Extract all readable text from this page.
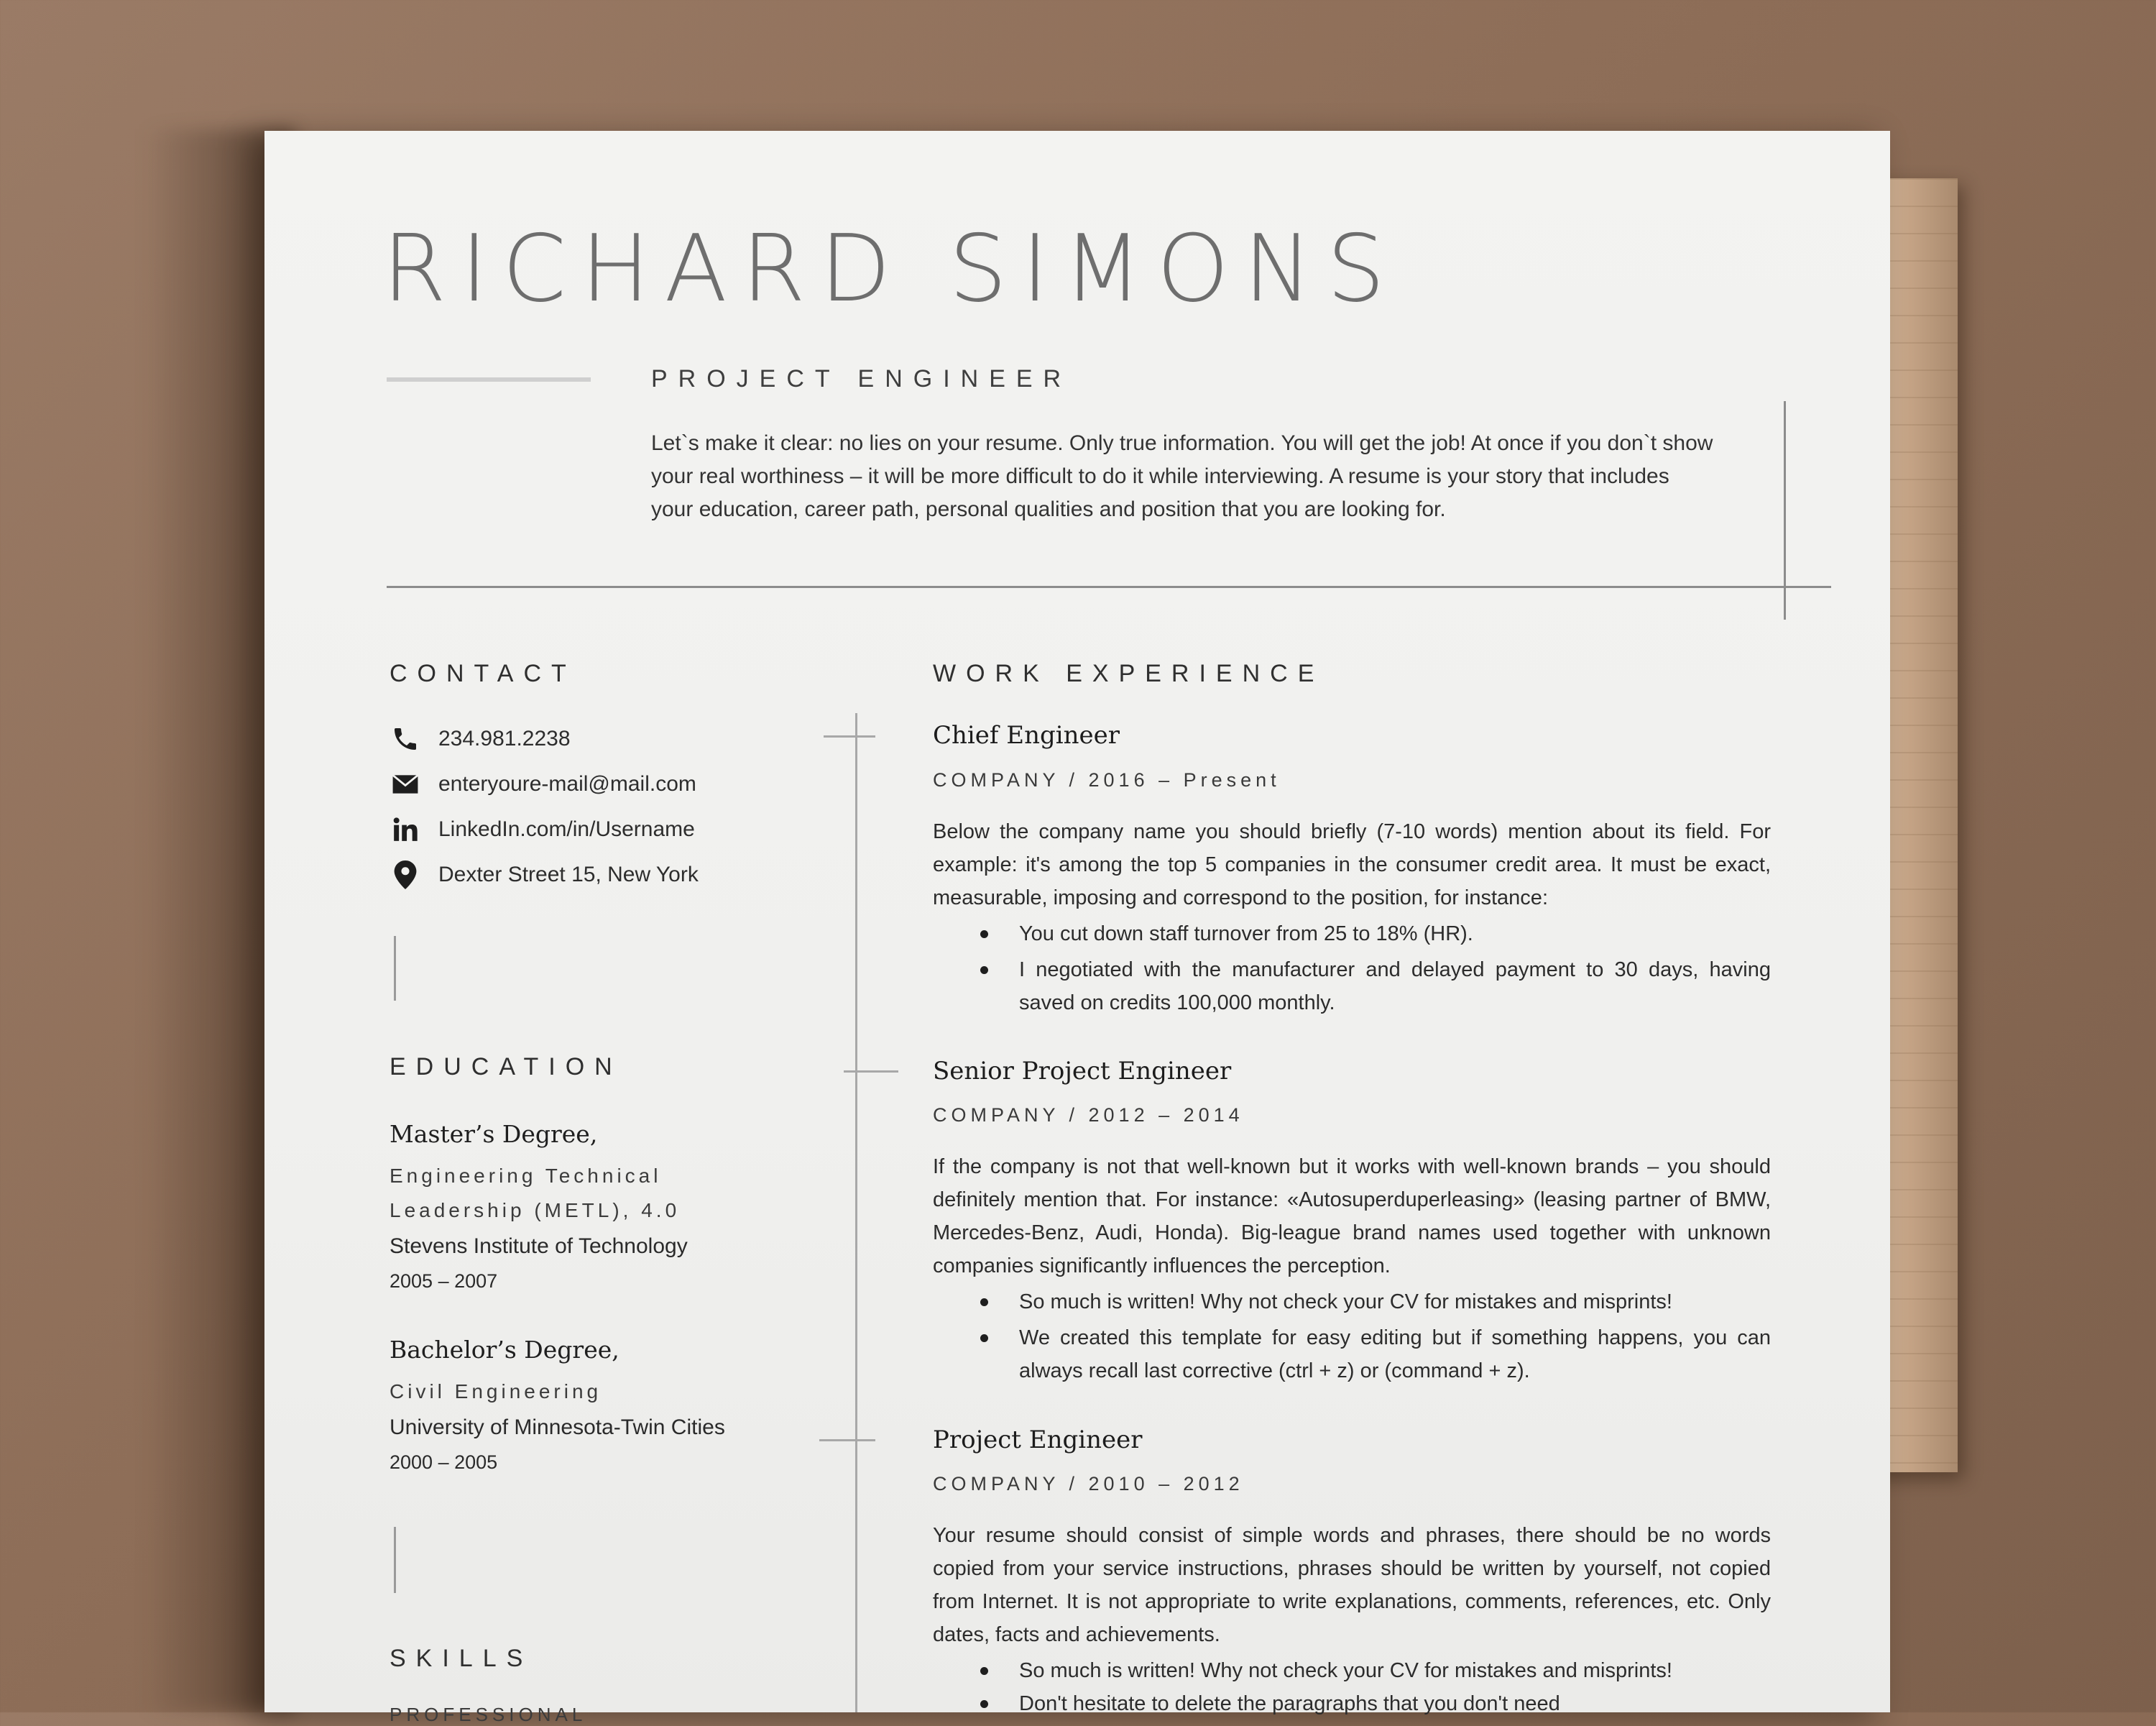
RICHARD SIMONS
PROJECT ENGINEER
Let`s make it clear: no lies on your resume. Only true information. You will get the job! At once if you don`t show your real worthiness – it will be more difficult to do it while interviewing. A resume is your story that includes your education, career path, personal qualities and position that you are looking for.
CONTACT
234.981.2238
enteryoure-mail@mail.com
LinkedIn.com/in/Username
Dexter Street 15, New York
EDUCATION
Master’s Degree,
Engineering Technical
Leadership (METL), 4.0
Stevens Institute of Technology
2005 – 2007
Bachelor’s Degree,
Civil Engineering
University of Minnesota-Twin Cities
2000 – 2005
SKILLS
PROFESSIONAL
WORK EXPERIENCE
Chief Engineer
COMPANY / 2016 – Present
Below the company name you should briefly (7-10 words) mention about its field. For example: it's among the top 5 companies in the consumer credit area. It must be exact, measurable, imposing and correspond to the position, for instance:
You cut down staff turnover from 25 to 18% (HR).
I negotiated with the manufacturer and delayed payment to 30 days, having saved on credits 100,000 monthly.
Senior Project Engineer
COMPANY / 2012 – 2014
If the company is not that well-known but it works with well-known brands – you should definitely mention that. For instance: «Autosuperduperleasing» (leasing partner of BMW, Mercedes-Benz, Audi, Honda). Big-league brand names used together with unknown companies significantly influences the perception.
So much is written! Why not check your CV for mistakes and misprints!
We created this template for easy editing but if something happens, you can always recall last corrective (ctrl + z) or (command + z).
Project Engineer
COMPANY / 2010 – 2012
Your resume should consist of simple words and phrases, there should be no words copied from your service instructions, phrases should be written by yourself, not copied from Internet. It is not appropriate to write explanations, comments, references, etc. Only dates, facts and achievements.
So much is written! Why not check your CV for mistakes and misprints!
Don't hesitate to delete the paragraphs that you don't need
